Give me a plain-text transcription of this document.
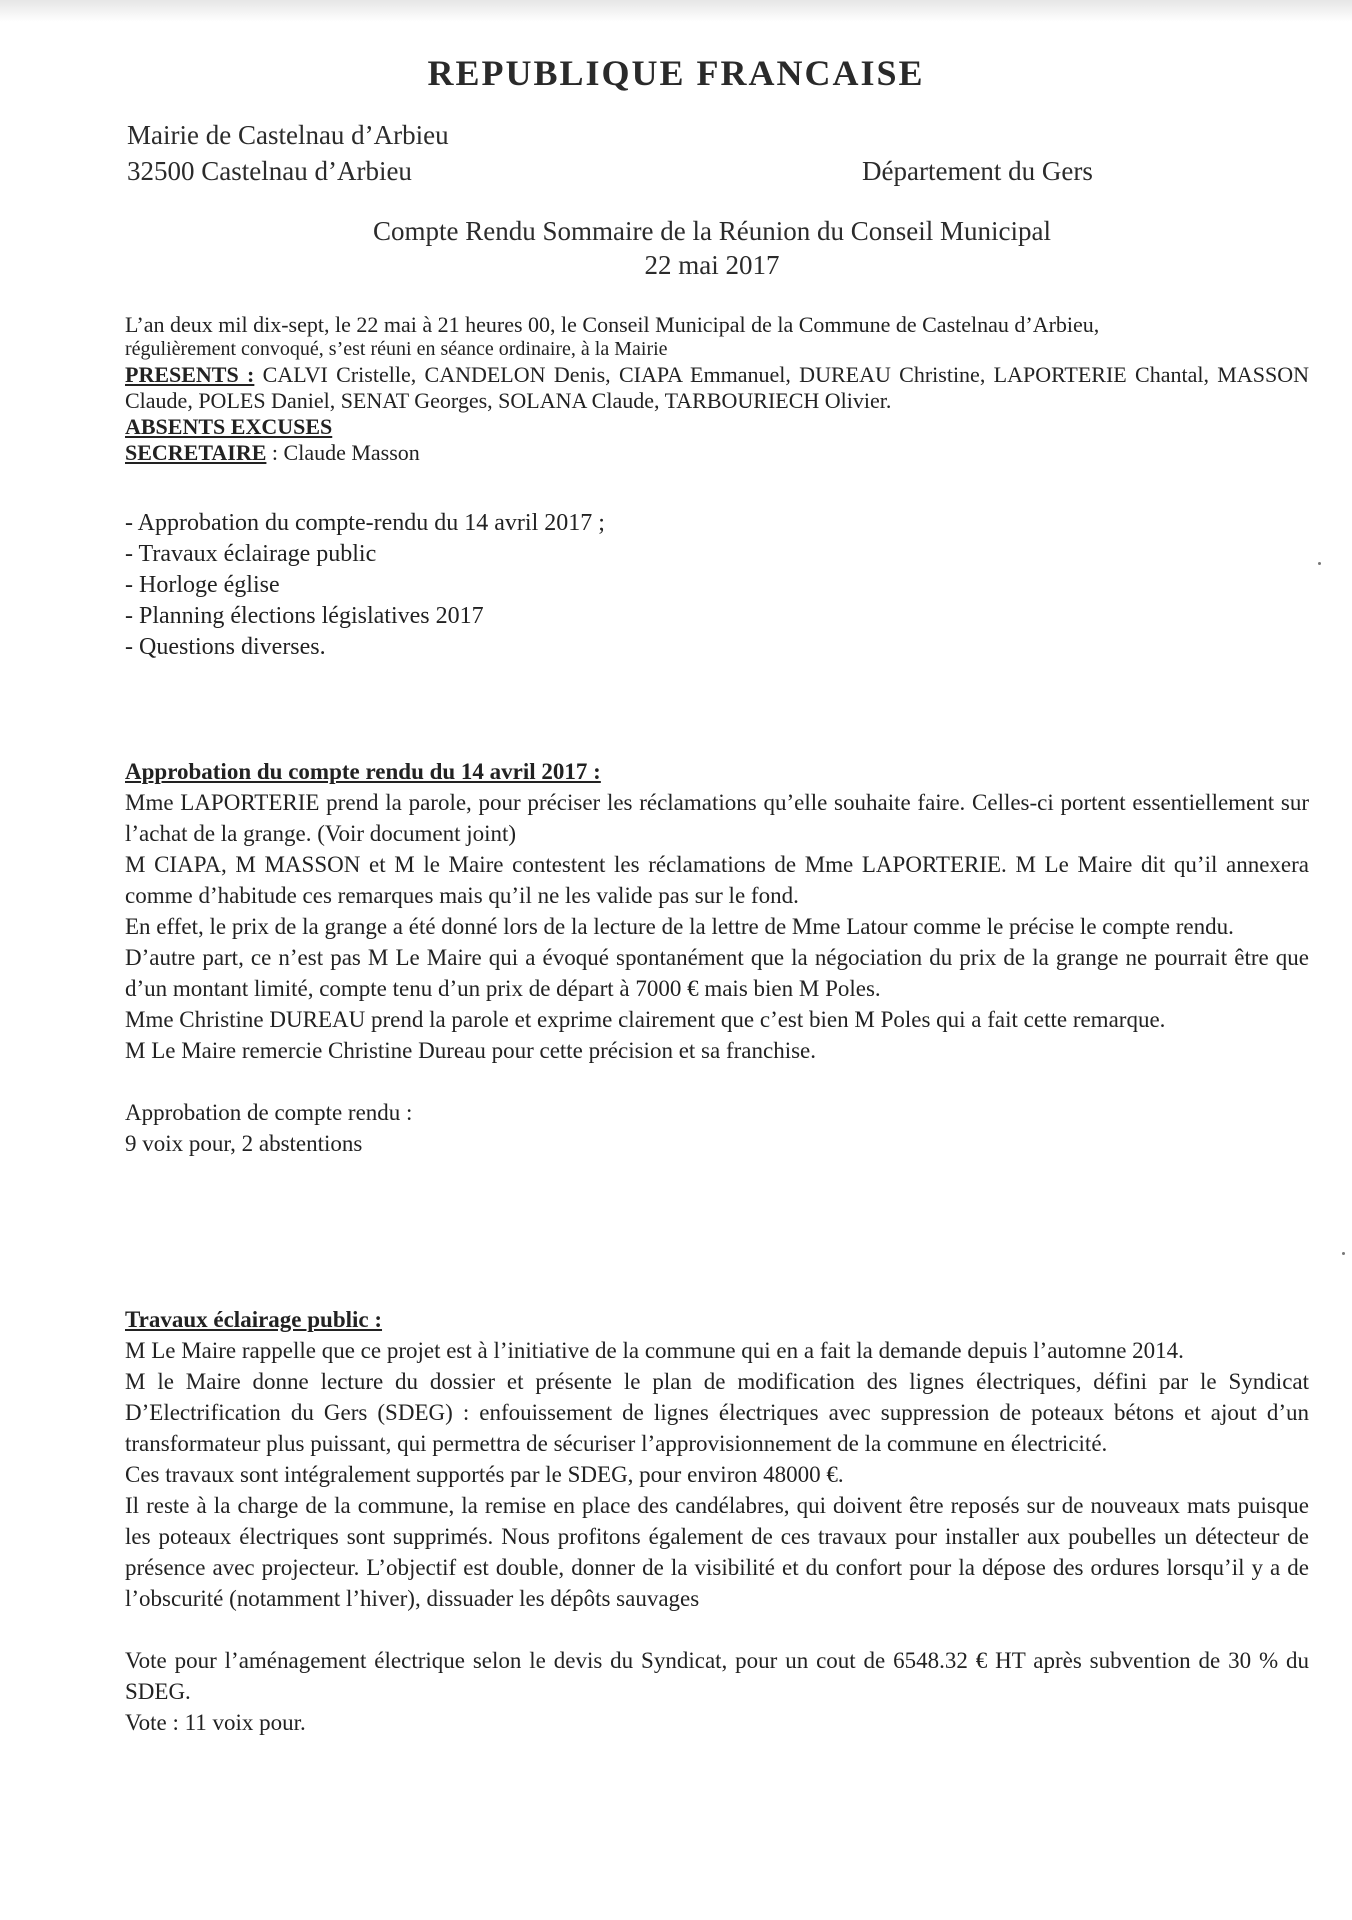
REPUBLIQUE FRANCAISE
Mairie de Castelnau d’Arbieu
32500 Castelnau d’Arbieu	Département du Gers
Compte Rendu Sommaire de la Réunion du Conseil Municipal
22 mai 2017

L’an deux mil dix-sept, le 22 mai à 21 heures 00, le Conseil Municipal de la Commune de Castelnau d’Arbieu,

régulièrement convoqué, s’est réuni en séance ordinaire, à la Mairie

PRESENTS : CALVI Cristelle, CANDELON Denis, CIAPA Emmanuel, DUREAU Christine, LAPORTERIE Chantal, MASSON Claude, POLES Daniel, SENAT Georges, SOLANA Claude, TARBOURIECH Olivier.

ABSENTS EXCUSES

SECRETAIRE : Claude Masson

- Approbation du compte-rendu du 14 avril 2017 ;
- Travaux éclairage public
- Horloge église
- Planning élections législatives 2017
- Questions diverses.

Approbation du compte rendu du 14 avril 2017 :

Mme LAPORTERIE prend la parole, pour préciser les réclamations qu’elle souhaite faire. Celles-ci portent essentiellement sur l’achat de la grange. (Voir document joint)

M CIAPA, M MASSON et M le Maire contestent les réclamations de Mme LAPORTERIE. M Le Maire dit qu’il annexera comme d’habitude ces remarques mais qu’il ne les valide pas sur le fond.

En effet, le prix de la grange a été donné lors de la lecture de la lettre de Mme Latour comme le précise le compte rendu.

D’autre part, ce n’est pas M Le Maire qui a évoqué spontanément que la négociation du prix de la grange ne pourrait être que d’un montant limité, compte tenu d’un prix de départ à 7000 € mais bien M Poles.

Mme Christine DUREAU prend la parole et exprime clairement que c’est bien M Poles qui a fait cette remarque.

M Le Maire remercie Christine Dureau pour cette précision et sa franchise.

Approbation de compte rendu :

9 voix pour, 2 abstentions

Travaux éclairage public :

M Le Maire rappelle que ce projet est à l’initiative de la commune qui en a fait la demande depuis l’automne 2014.

M le Maire donne lecture du dossier et présente le plan de modification des lignes électriques, défini par le Syndicat D’Electrification du Gers (SDEG) : enfouissement de lignes électriques avec suppression de poteaux bétons et ajout d’un transformateur plus puissant, qui permettra de sécuriser l’approvisionnement de la commune en électricité.

Ces travaux sont intégralement supportés par le SDEG, pour environ 48000 €.

Il reste à la charge de la commune, la remise en place des candélabres, qui doivent être reposés sur de nouveaux mats puisque les poteaux électriques sont supprimés. Nous profitons également de ces travaux pour installer aux poubelles un détecteur de présence avec projecteur. L’objectif est double, donner de la visibilité et du confort pour la dépose des ordures lorsqu’il y a de l’obscurité (notamment l’hiver), dissuader les dépôts sauvages

Vote pour l’aménagement électrique selon le devis du Syndicat, pour un cout de 6548.32 € HT après subvention de 30 % du SDEG.

Vote : 11 voix pour.
